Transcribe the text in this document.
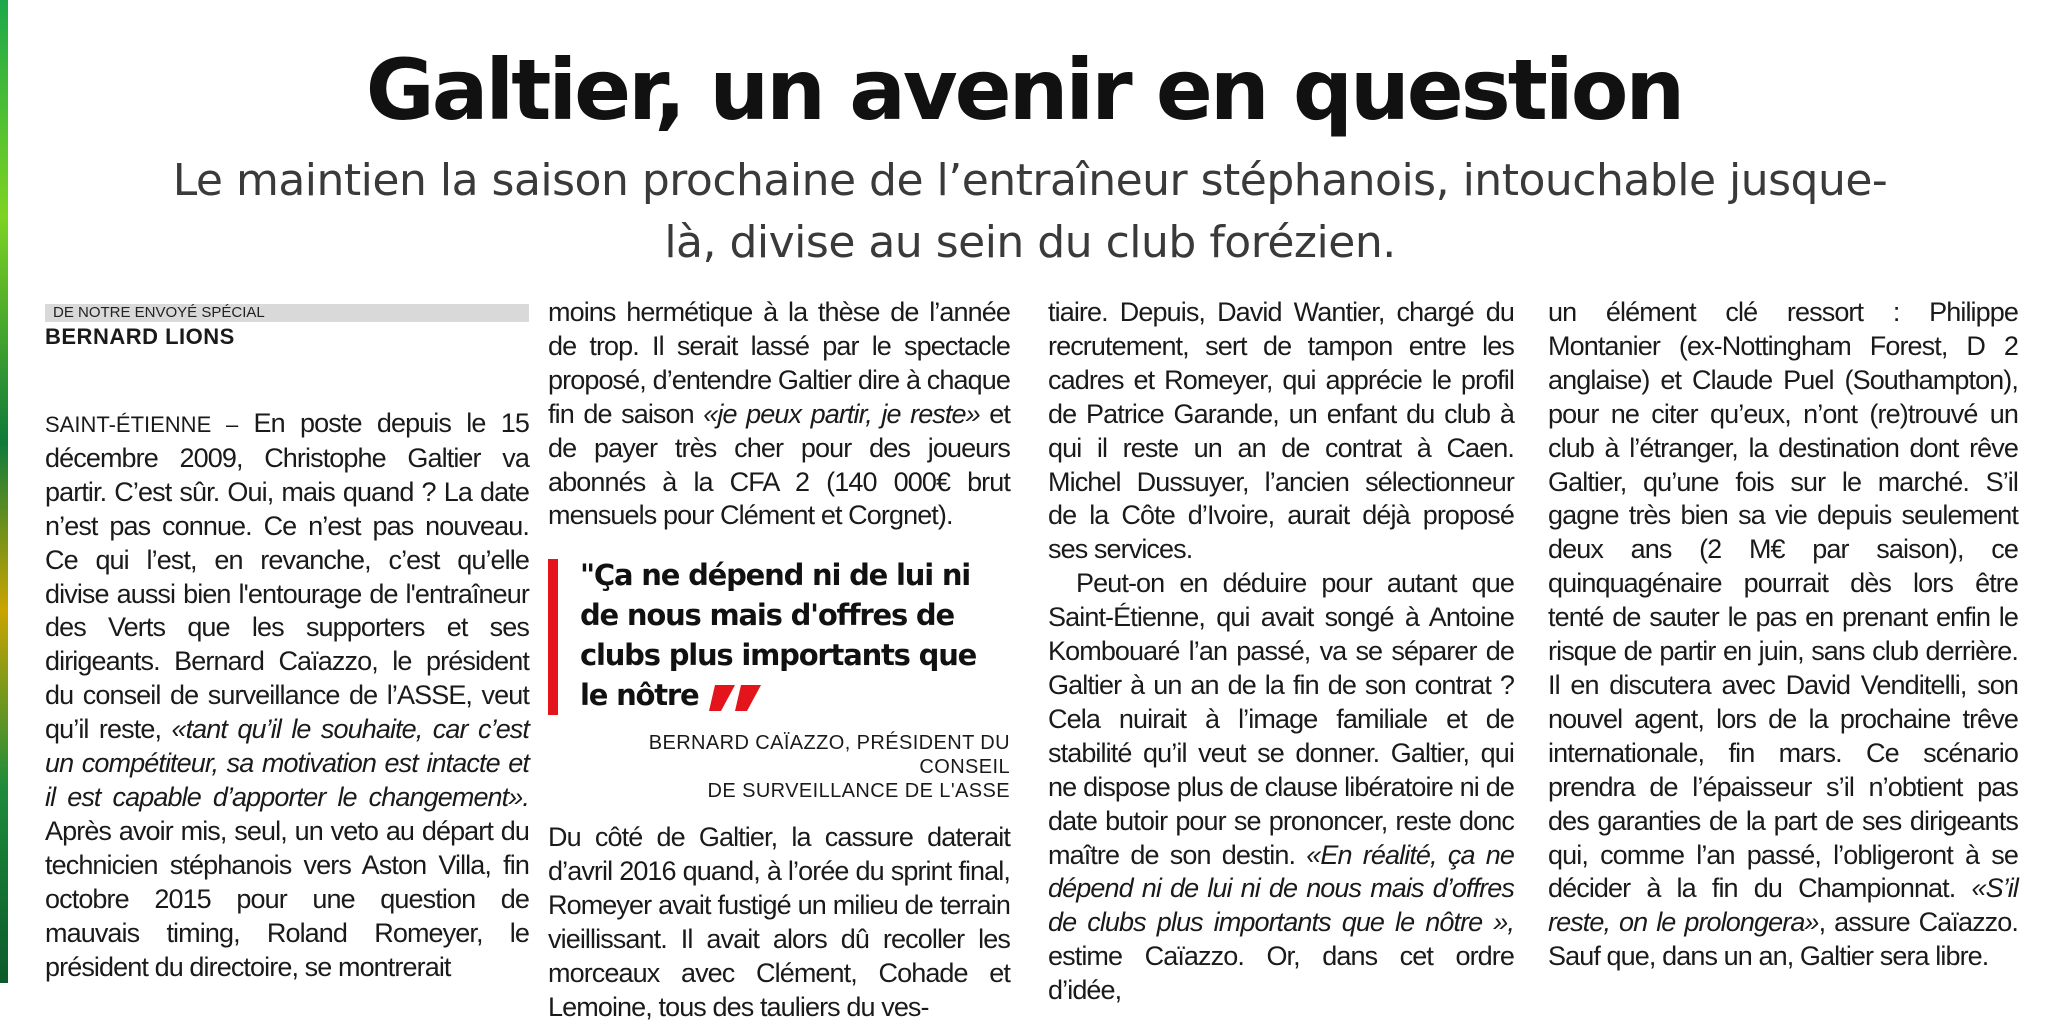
Galtier, un avenir en question

Le maintien la saison prochaine de l’entraîneur stéphanois, intouchable jusque-là, divise au sein du club forézien.

DE NOTRE ENVOYÉ SPÉCIAL
BERNARD LIONS

SAINT-ÉTIENNE – En poste depuis le 15 décembre 2009, Christophe Galtier va partir. C’est sûr. Oui, mais quand ? La date n’est pas connue. Ce n’est pas nouveau. Ce qui l’est, en revanche, c’est qu’elle divise aussi bien l'entourage de l'entraîneur des Verts que les supporters et ses dirigeants. Bernard Caïazzo, le président du conseil de surveillance de l’ASSE, veut qu’il reste, «tant qu’il le souhaite, car c’est un compétiteur, sa motivation est intacte et il est capable d’apporter le changement». Après avoir mis, seul, un veto au départ du technicien stéphanois vers Aston Villa, fin octobre 2015 pour une question de mauvais timing, Roland Romeyer, le président du directoire, se montrerait

moins hermétique à la thèse de l’année de trop. Il serait lassé par le spectacle proposé, d’entendre Galtier dire à chaque fin de saison «je peux partir, je reste» et de payer très cher pour des joueurs abonnés à la CFA 2 (140 000€ brut mensuels pour Clément et Corgnet).

"Ça ne dépend ni de lui ni de nous mais d'offres de clubs plus importants que le nôtre
BERNARD CAÏAZZO, PRÉSIDENT DU CONSEIL
DE SURVEILLANCE DE L'ASSE

Du côté de Galtier, la cassure daterait d’avril 2016 quand, à l’orée du sprint final, Romeyer avait fustigé un milieu de terrain vieillissant. Il avait alors dû recoller les morceaux avec Clément, Cohade et Lemoine, tous des tauliers du ves-

tiaire. Depuis, David Wantier, chargé du recrutement, sert de tampon entre les cadres et Romeyer, qui apprécie le profil de Patrice Garande, un enfant du club à qui il reste un an de contrat à Caen. Michel Dussuyer, l’ancien sélectionneur de la Côte d’Ivoire, aurait déjà proposé ses services.

Peut-on en déduire pour autant que Saint-Étienne, qui avait songé à Antoine Kombouaré l’an passé, va se séparer de Galtier à un an de la fin de son contrat ? Cela nuirait à l’image familiale et de stabilité qu’il veut se donner. Galtier, qui ne dispose plus de clause libératoire ni de date butoir pour se prononcer, reste donc maître de son destin. «En réalité, ça ne dépend ni de lui ni de nous mais d’offres de clubs plus importants que le nôtre », estime Caïazzo. Or, dans cet ordre d’idée,

un élément clé ressort : Philippe Montanier (ex-Nottingham Forest, D 2 anglaise) et Claude Puel (Southampton), pour ne citer qu’eux, n’ont (re)trouvé un club à l’étranger, la destination dont rêve Galtier, qu’une fois sur le marché. S’il gagne très bien sa vie depuis seulement deux ans (2 M€ par saison), ce quinquagénaire pourrait dès lors être tenté de sauter le pas en prenant enfin le risque de partir en juin, sans club derrière. Il en discutera avec David Venditelli, son nouvel agent, lors de la prochaine trêve internationale, fin mars. Ce scénario prendra de l’épaisseur s’il n’obtient pas des garanties de la part de ses dirigeants qui, comme l’an passé, l’obligeront à se décider à la fin du Championnat. «S’il reste, on le prolongera», assure Caïazzo. Sauf que, dans un an, Galtier sera libre.
